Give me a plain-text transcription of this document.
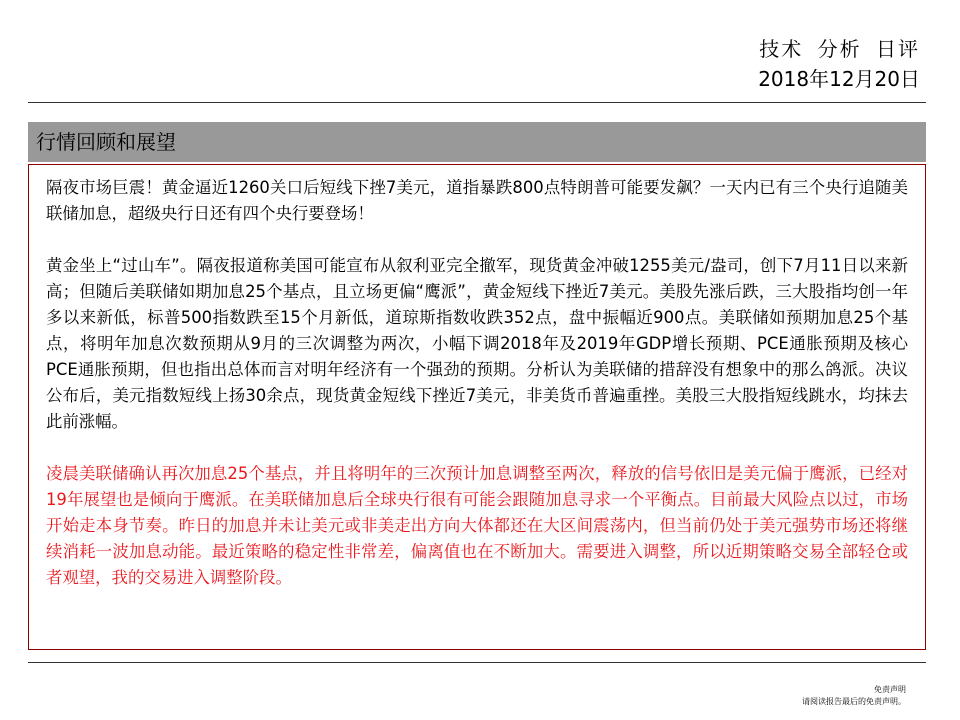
技术 分析 日评
2018年12月20日
行情回顾和展望

隔夜市场巨震！黄金逼近1260关口后短线下挫7美元，道指暴跌800点特朗普可能要发飙？一天内已有三个央行追随美联储加息，超级央行日还有四个央行要登场！

黄金坐上“过山车”。隔夜报道称美国可能宣布从叙利亚完全撤军，现货黄金冲破1255美元/盎司，创下7月11日以来新高；但随后美联储如期加息25个基点，且立场更偏“鹰派”，黄金短线下挫近7美元。美股先涨后跌，三大股指均创一年多以来新低，标普500指数跌至15个月新低，道琼斯指数收跌352点，盘中振幅近900点。美联储如预期加息25个基点，将明年加息次数预期从9月的三次调整为两次，小幅下调2018年及2019年GDP增长预期、PCE通胀预期及核心PCE通胀预期，但也指出总体而言对明年经济有一个强劲的预期。分析认为美联储的措辞没有想象中的那么鸽派。决议公布后，美元指数短线上扬30余点，现货黄金短线下挫近7美元，非美货币普遍重挫。美股三大股指短线跳水，均抹去此前涨幅。

凌晨美联储确认再次加息25个基点，并且将明年的三次预计加息调整至两次，释放的信号依旧是美元偏于鹰派，已经对19年展望也是倾向于鹰派。在美联储加息后全球央行很有可能会跟随加息寻求一个平衡点。目前最大风险点以过，市场开始走本身节奏。昨日的加息并未让美元或非美走出方向大体都还在大区间震荡内，但当前仍处于美元强势市场还将继续消耗一波加息动能。最近策略的稳定性非常差，偏离值也在不断加大。需要进入调整，所以近期策略交易全部轻仓或者观望，我的交易进入调整阶段。

免责声明
请阅读报告最后的免责声明。
